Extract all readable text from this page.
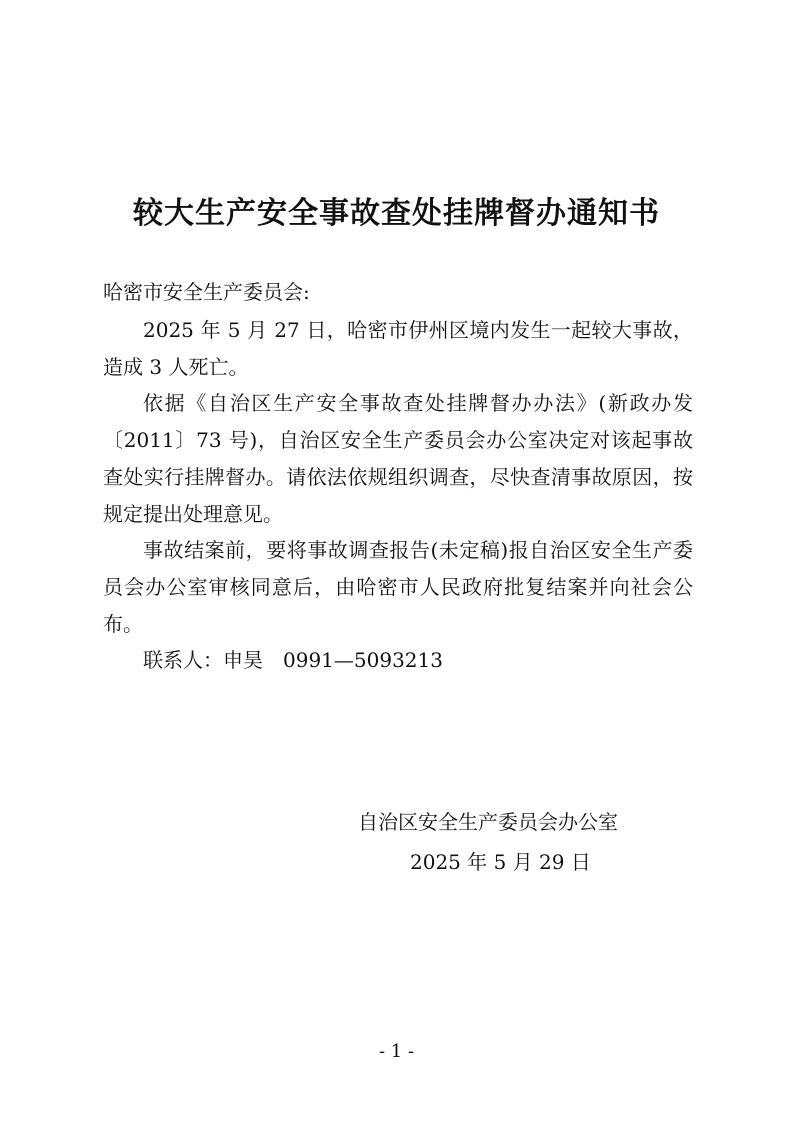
较大生产安全事故查处挂牌督办通知书
哈密市安全生产委员会:

2025 年 5 月 27 日，哈密市伊州区境内发生一起较大事故，造成 3 人死亡。

依据《自治区生产安全事故查处挂牌督办办法》(新政办发〔2011〕73 号)，自治区安全生产委员会办公室决定对该起事故查处实行挂牌督办。请依法依规组织调查，尽快查清事故原因，按规定提出处理意见。

事故结案前，要将事故调查报告(未定稿)报自治区安全生产委员会办公室审核同意后，由哈密市人民政府批复结案并向社会公布。

联系人：申昊　0991—5093213

自治区安全生产委员会办公室
2025 年 5 月 29 日
- 1 -
